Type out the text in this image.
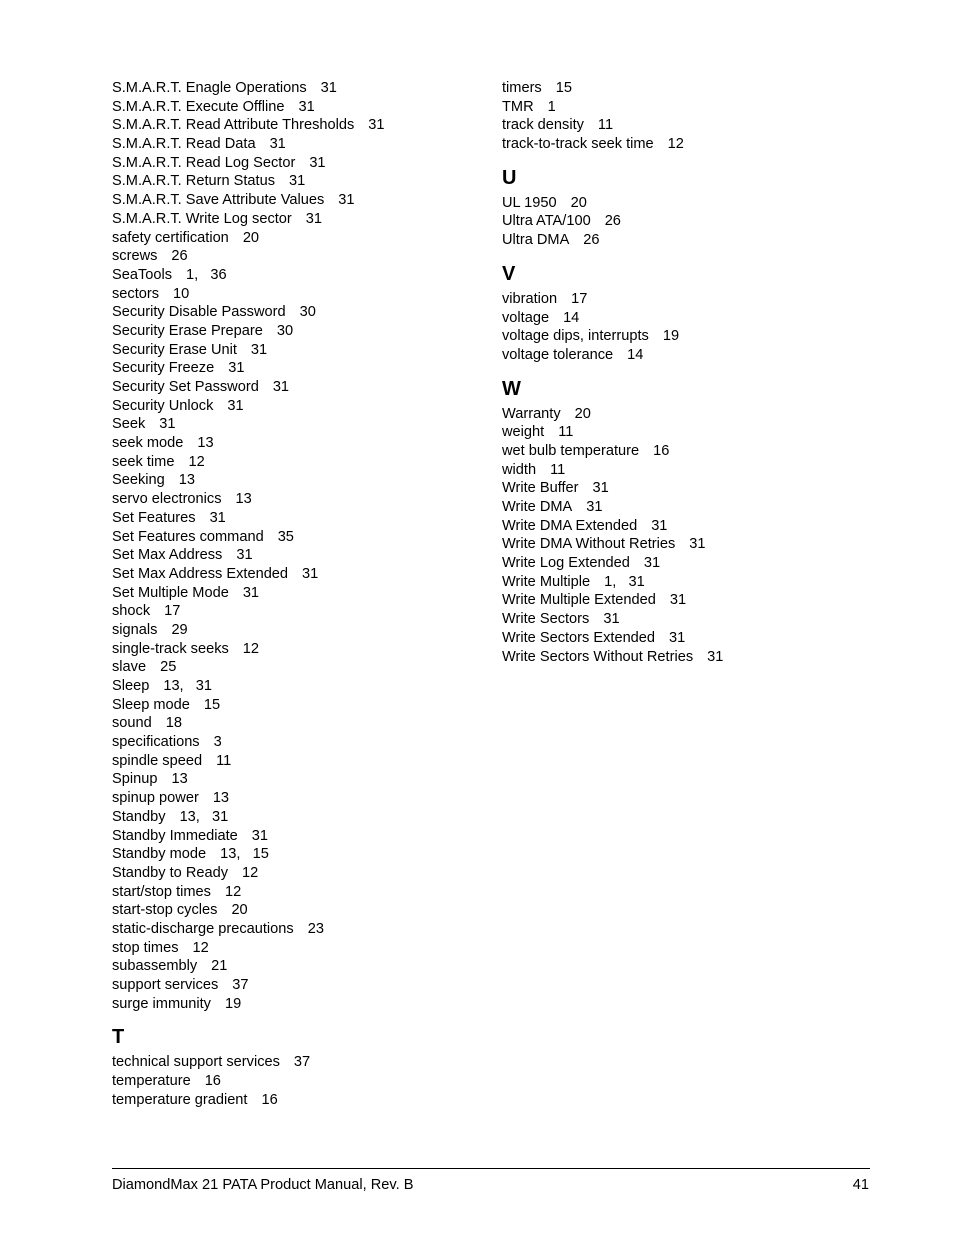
S.M.A.R.T. Enagle Operations 31
S.M.A.R.T. Execute Offline 31
S.M.A.R.T. Read Attribute Thresholds 31
S.M.A.R.T. Read Data 31
S.M.A.R.T. Read Log Sector 31
S.M.A.R.T. Return Status 31
S.M.A.R.T. Save Attribute Values 31
S.M.A.R.T. Write Log sector 31
safety certification 20
screws 26
SeaTools 1,   36
sectors 10
Security Disable Password 30
Security Erase Prepare 30
Security Erase Unit 31
Security Freeze 31
Security Set Password 31
Security Unlock 31
Seek 31
seek mode 13
seek time 12
Seeking 13
servo electronics 13
Set Features 31
Set Features command 35
Set Max Address 31
Set Max Address Extended 31
Set Multiple Mode 31
shock 17
signals 29
single-track seeks 12
slave 25
Sleep 13,   31
Sleep mode 15
sound 18
specifications 3
spindle speed 11
Spinup 13
spinup power 13
Standby 13,   31
Standby Immediate 31
Standby mode 13,   15
Standby to Ready 12
start/stop times 12
start-stop cycles 20
static-discharge precautions 23
stop times 12
subassembly 21
support services 37
surge immunity 19
T
technical support services 37
temperature 16
temperature gradient 16
timers 15
TMR 1
track density 11
track-to-track seek time 12
U
UL 1950 20
Ultra ATA/100 26
Ultra DMA 26
V
vibration 17
voltage 14
voltage dips, interrupts 19
voltage tolerance 14
W
Warranty 20
weight 11
wet bulb temperature 16
width 11
Write Buffer 31
Write DMA 31
Write DMA Extended 31
Write DMA Without Retries 31
Write Log Extended 31
Write Multiple 1,   31
Write Multiple Extended 31
Write Sectors 31
Write Sectors Extended 31
Write Sectors Without Retries 31
DiamondMax 21 PATA Product Manual, Rev. B	41
